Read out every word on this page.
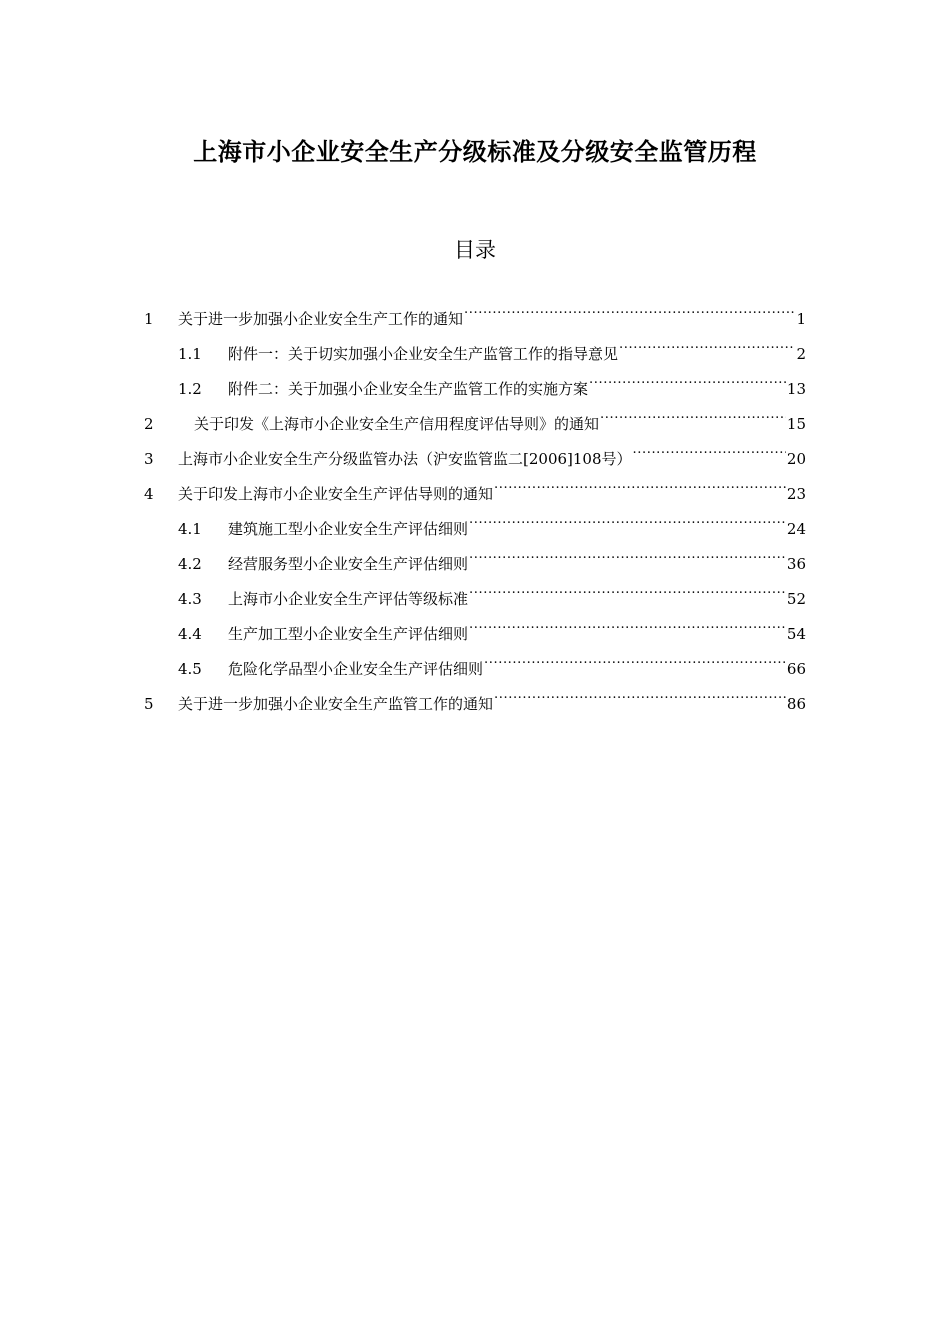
上海市小企业安全生产分级标准及分级安全监管历程
目录
1	关于进一步加强小企业安全生产工作的通知 .....	1
1.1	附件一：关于切实加强小企业安全生产监管工作的指导意见 .....	2
1.2	附件二：关于加强小企业安全生产监管工作的实施方案 .....	13
2	关于印发《上海市小企业安全生产信用程度评估导则》的通知 .....	15
3	上海市小企业安全生产分级监管办法（沪安监管监二[2006]108号） .....	20
4	关于印发上海市小企业安全生产评估导则的通知 .....	23
4.1	建筑施工型小企业安全生产评估细则 .....	24
4.2	经营服务型小企业安全生产评估细则 .....	36
4.3	上海市小企业安全生产评估等级标准 .....	52
4.4	生产加工型小企业安全生产评估细则 .....	54
4.5	危险化学品型小企业安全生产评估细则 .....	66
5	关于进一步加强小企业安全生产监管工作的通知 .....	86
